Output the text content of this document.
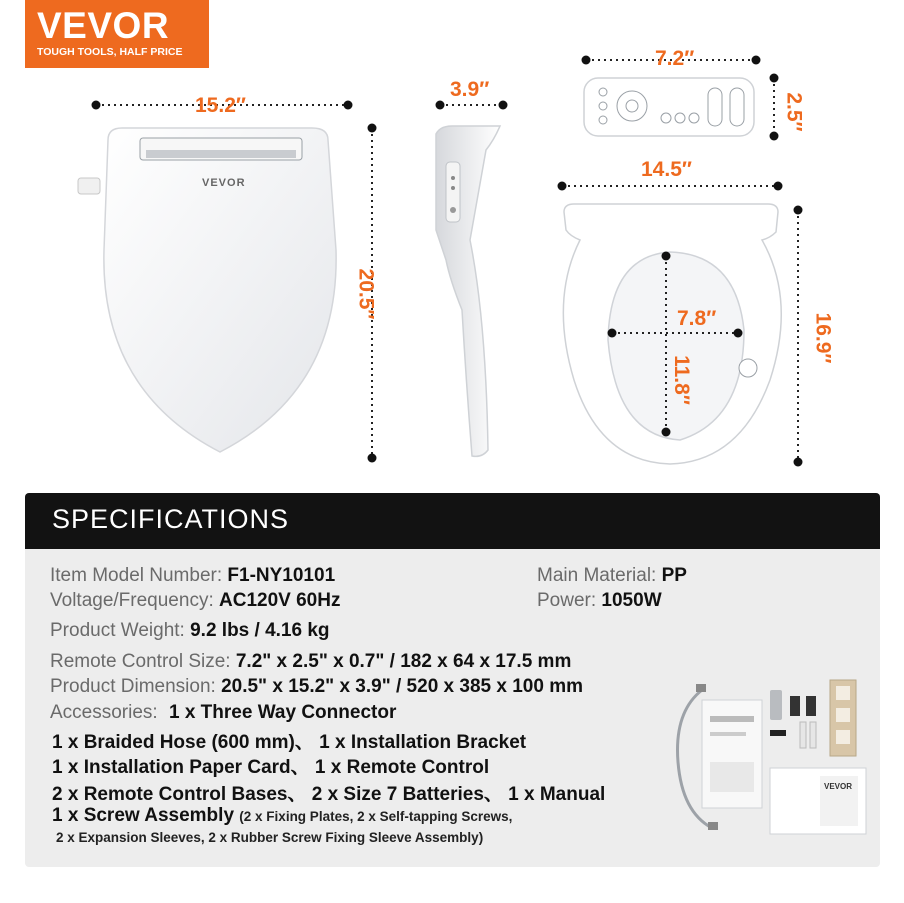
VEVOR
TOUGH TOOLS, HALF PRICE
VEVOR
15.2″
20.5″
3.9″
7.2″
2.5″
14.5″
16.9″
7.8″
11.8″
SPECIFICATIONS
Item Model Number: F1-NY10101	Main Material: PP
Voltage/Frequency: AC120V 60Hz	Power: 1050W
Product Weight: 9.2 lbs / 4.16 kg
Remote Control Size: 7.2" x 2.5" x 0.7" / 182 x 64 x 17.5 mm
Product Dimension: 20.5" x 15.2" x 3.9" / 520 x 385 x 100 mm
Accessories: 1 x Three Way Connector
1 x Braided Hose (600 mm)、 1 x Installation Bracket
1 x Installation Paper Card、 1 x Remote Control
2 x Remote Control Bases、 2 x Size 7 Batteries、 1 x Manual
1 x Screw Assembly (2 x Fixing Plates, 2 x Self-tapping Screws,
2 x Expansion Sleeves, 2 x Rubber Screw Fixing Sleeve Assembly)
VEVOR
